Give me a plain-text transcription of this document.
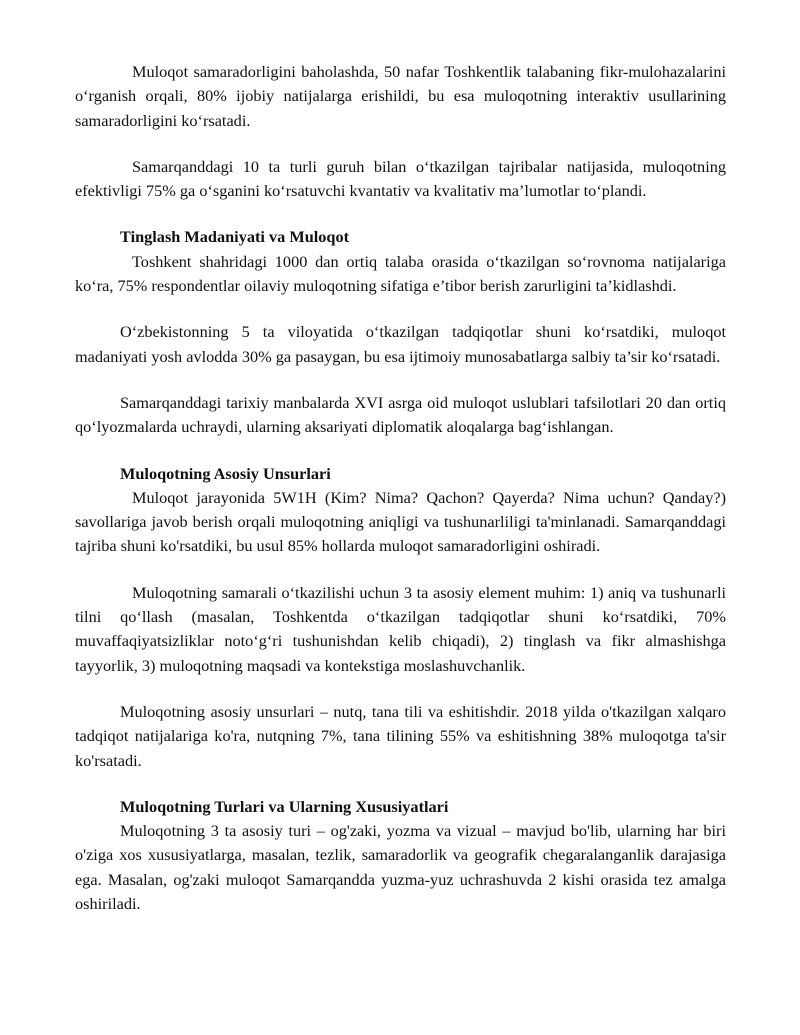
Muloqot samaradorligini baholashda, 50 nafar Toshkentlik talabaning fikr-mulohazalarini o‘rganish orqali, 80% ijobiy natijalarga erishildi, bu esa muloqotning interaktiv usullarining samaradorligini ko‘rsatadi.

Samarqanddagi 10 ta turli guruh bilan o‘tkazilgan tajribalar natijasida, muloqotning efektivligi 75% ga o‘sganini ko‘rsatuvchi kvantativ va kvalitativ ma’lumotlar to‘plandi.

Tinglash Madaniyati va Muloqot

Toshkent shahridagi 1000 dan ortiq talaba orasida o‘tkazilgan so‘rovnoma natijalariga ko‘ra, 75% respondentlar oilaviy muloqotning sifatiga e’tibor berish zarurligini ta’kidlashdi.

O‘zbekistonning 5 ta viloyatida o‘tkazilgan tadqiqotlar shuni ko‘rsatdiki, muloqot madaniyati yosh avlodda 30% ga pasaygan, bu esa ijtimoiy munosabatlarga salbiy ta’sir ko‘rsatadi.

Samarqanddagi tarixiy manbalarda XVI asrga oid muloqot uslublari tafsilotlari 20 dan ortiq qo‘lyozmalarda uchraydi, ularning aksariyati diplomatik aloqalarga bag‘ishlangan.

Muloqotning Asosiy Unsurlari

Muloqot jarayonida 5W1H (Kim? Nima? Qachon? Qayerda? Nima uchun? Qanday?) savollariga javob berish orqali muloqotning aniqligi va tushunarliligi ta'minlanadi. Samarqanddagi tajriba shuni ko'rsatdiki, bu usul 85% hollarda muloqot samaradorligini oshiradi.

Muloqotning samarali o‘tkazilishi uchun 3 ta asosiy element muhim: 1) aniq va tushunarli tilni qo‘llash (masalan, Toshkentda o‘tkazilgan tadqiqotlar shuni ko‘rsatdiki, 70% muvaffaqiyatsizliklar noto‘g‘ri tushunishdan kelib chiqadi), 2) tinglash va fikr almashishga tayyorlik, 3) muloqotning maqsadi va kontekstiga moslashuvchanlik.

Muloqotning asosiy unsurlari – nutq, tana tili va eshitishdir. 2018 yilda o'tkazilgan xalqaro tadqiqot natijalariga ko'ra, nutqning 7%, tana tilining 55% va eshitishning 38% muloqotga ta'sir ko'rsatadi.

Muloqotning Turlari va Ularning Xususiyatlari

Muloqotning 3 ta asosiy turi – og'zaki, yozma va vizual – mavjud bo'lib, ularning har biri o'ziga xos xususiyatlarga, masalan, tezlik, samaradorlik va geografik chegaralanganlik darajasiga ega. Masalan, og'zaki muloqot Samarqandda yuzma-yuz uchrashuvda 2 kishi orasida tez amalga oshiriladi.
